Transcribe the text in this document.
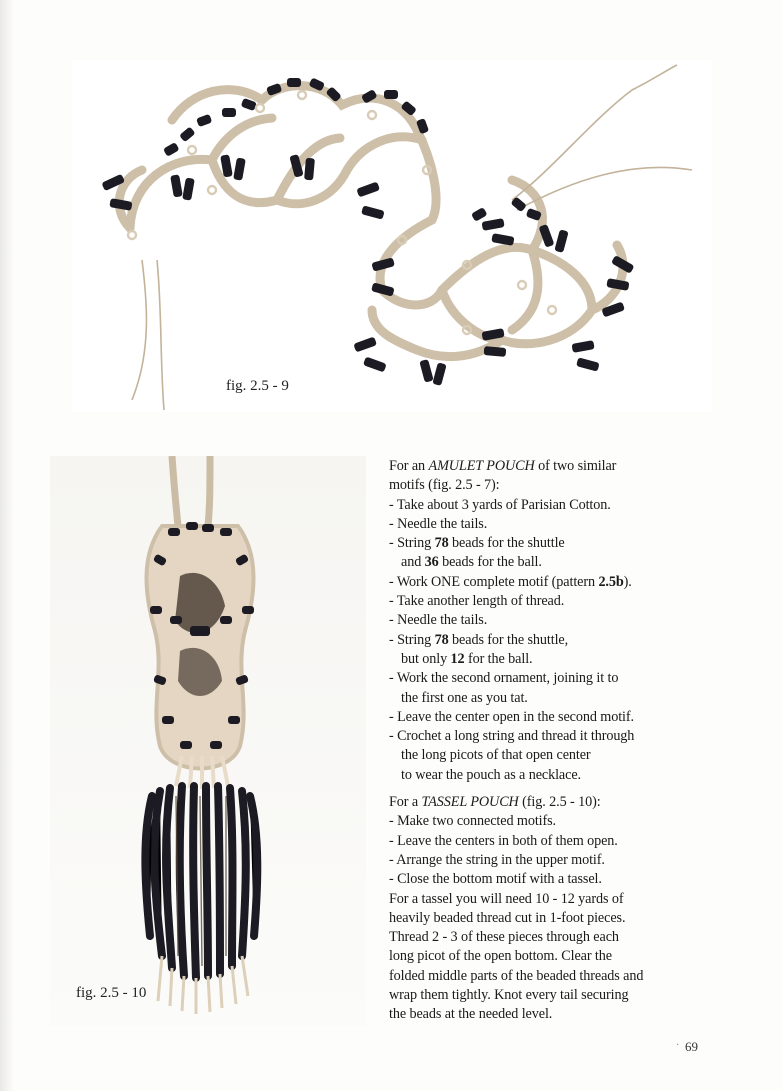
fig. 2.5 - 9
fig. 2.5 - 10

For an AMULET POUCH of two similar

motifs (fig. 2.5 - 7):

- Take about 3 yards of Parisian Cotton.

- Needle the tails.

- String 78 beads for the shuttle

and 36 beads for the ball.

- Work ONE complete motif (pattern 2.5b).

- Take another length of thread.

- Needle the tails.

- String 78 beads for the shuttle,

but only 12 for the ball.

- Work the second ornament, joining it to

the first one as you tat.

- Leave the center open in the second motif.

- Crochet a long string and thread it through

the long picots of that open center

to wear the pouch as a necklace.

For a TASSEL POUCH (fig. 2.5 - 10):

- Make two connected motifs.

- Leave the centers in both of them open.

- Arrange the string in the upper motif.

- Close the bottom motif with a tassel.

For a tassel you will need 10 - 12 yards of

heavily beaded thread cut in 1-foot pieces.

Thread 2 - 3 of these pieces through each

long picot of the open bottom. Clear the

folded middle parts of the beaded threads and

wrap them tightly. Knot every tail securing

the beads at the needed level.

· 69
